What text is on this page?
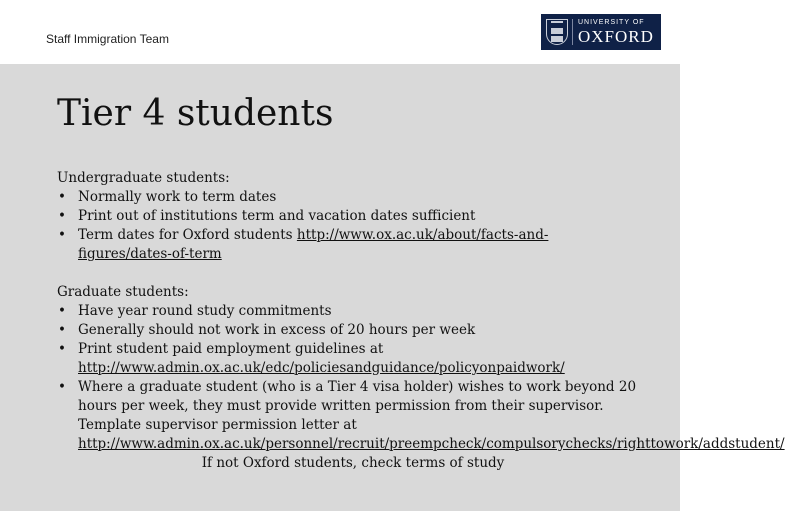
Staff Immigration Team
UNIVERSITY OF
OXFORD
Tier 4 students

Undergraduate students:

• Normally work to term dates
• Print out of institutions term and vacation dates sufficient
• Term dates for Oxford students http://www.ox.ac.uk/about/facts-and-figures/dates-of-term

Graduate students:

• Have year round study commitments
• Generally should not work in excess of 20 hours per week
• Print student paid employment guidelines at http://www.admin.ox.ac.uk/edc/policiesandguidance/policyonpaidwork/
• Where a graduate student (who is a Tier 4 visa holder) wishes to work beyond 20 hours per week, they must provide written permission from their supervisor. Template supervisor permission letter at http://www.admin.ox.ac.uk/personnel/recruit/preempcheck/compulsorychecks/righttowork/addstudent/
If not Oxford students, check terms of study
